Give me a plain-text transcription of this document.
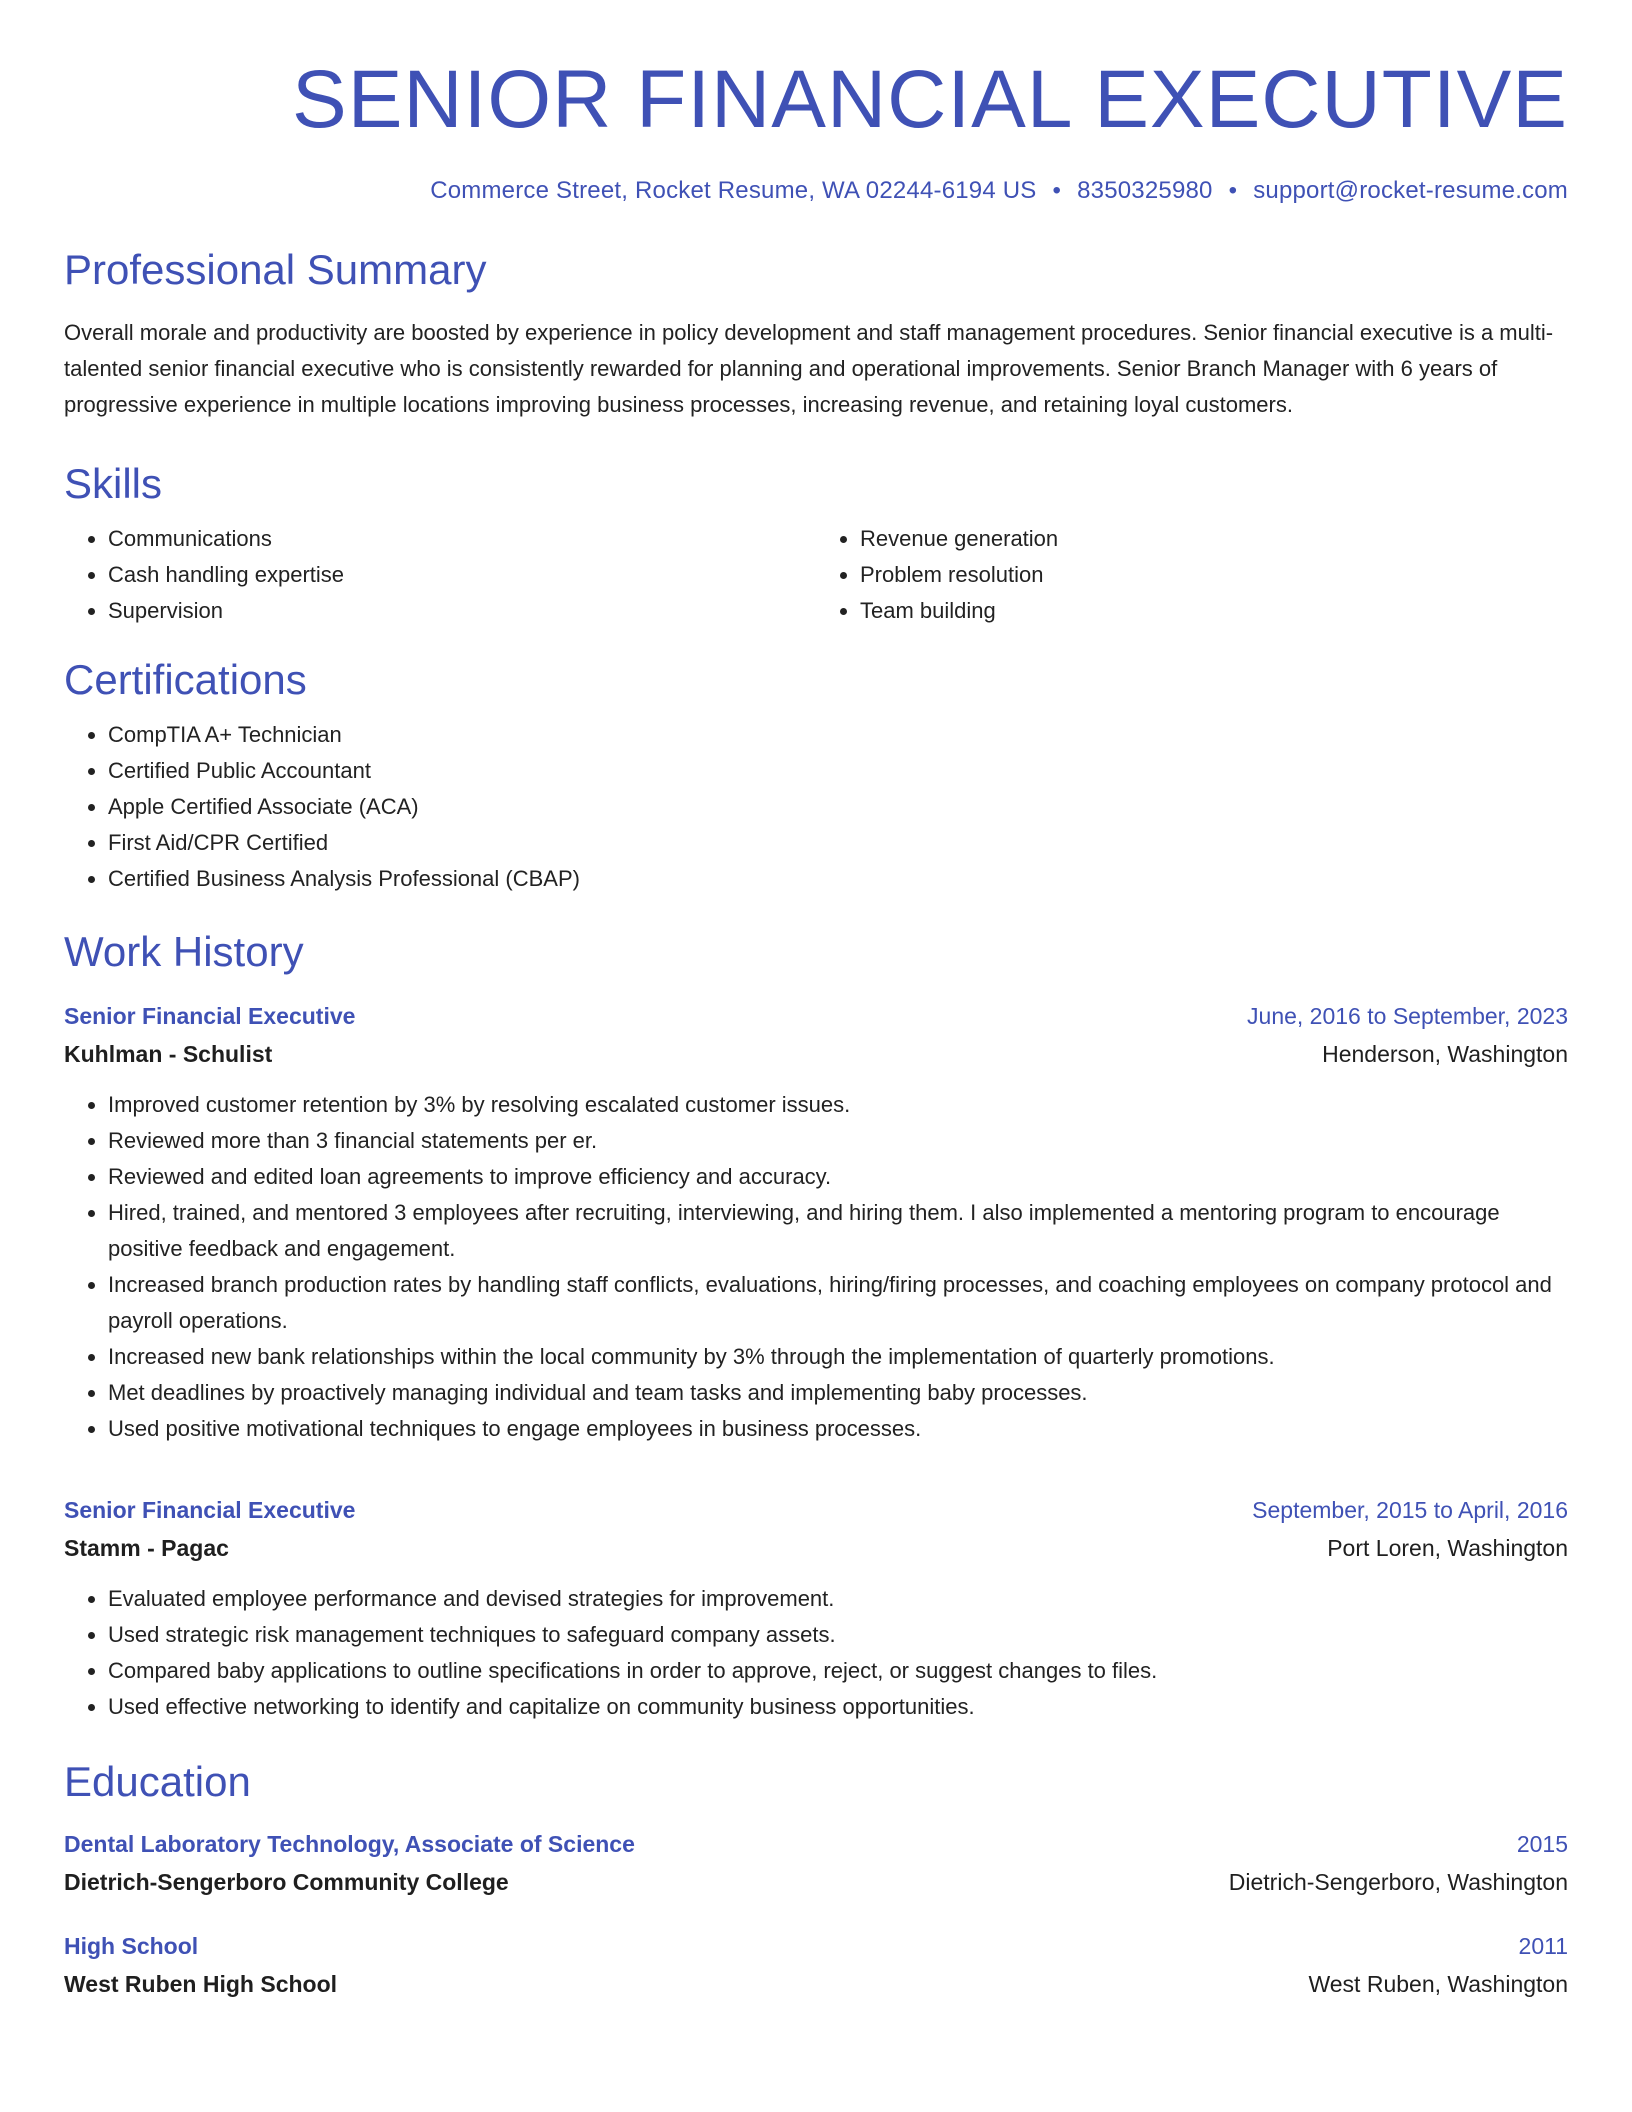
SENIOR FINANCIAL EXECUTIVE
Commerce Street, Rocket Resume, WA 02244-6194 US • 8350325980 • support@rocket-resume.com
Professional Summary

Overall morale and productivity are boosted by experience in policy development and staff management procedures. Senior financial executive is a multi-talented senior financial executive who is consistently rewarded for planning and operational improvements. Senior Branch Manager with 6 years of progressive experience in multiple locations improving business processes, increasing revenue, and retaining loyal customers.

Skills
• Communications
• Cash handling expertise
• Supervision
• Revenue generation
• Problem resolution
• Team building
Certifications
• CompTIA A+ Technician
• Certified Public Accountant
• Apple Certified Associate (ACA)
• First Aid/CPR Certified
• Certified Business Analysis Professional (CBAP)
Work History
Senior Financial Executive	June, 2016 to September, 2023
Kuhlman - Schulist	Henderson, Washington
• Improved customer retention by 3% by resolving escalated customer issues.
• Reviewed more than 3 financial statements per er.
• Reviewed and edited loan agreements to improve efficiency and accuracy.
• Hired, trained, and mentored 3 employees after recruiting, interviewing, and hiring them. I also implemented a mentoring program to encourage positive feedback and engagement.
• Increased branch production rates by handling staff conflicts, evaluations, hiring/firing processes, and coaching employees on company protocol and payroll operations.
• Increased new bank relationships within the local community by 3% through the implementation of quarterly promotions.
• Met deadlines by proactively managing individual and team tasks and implementing baby processes.
• Used positive motivational techniques to engage employees in business processes.
Senior Financial Executive	September, 2015 to April, 2016
Stamm - Pagac	Port Loren, Washington
• Evaluated employee performance and devised strategies for improvement.
• Used strategic risk management techniques to safeguard company assets.
• Compared baby applications to outline specifications in order to approve, reject, or suggest changes to files.
• Used effective networking to identify and capitalize on community business opportunities.
Education
Dental Laboratory Technology, Associate of Science	2015
Dietrich-Sengerboro Community College	Dietrich-Sengerboro, Washington
High School	2011
West Ruben High School	West Ruben, Washington
